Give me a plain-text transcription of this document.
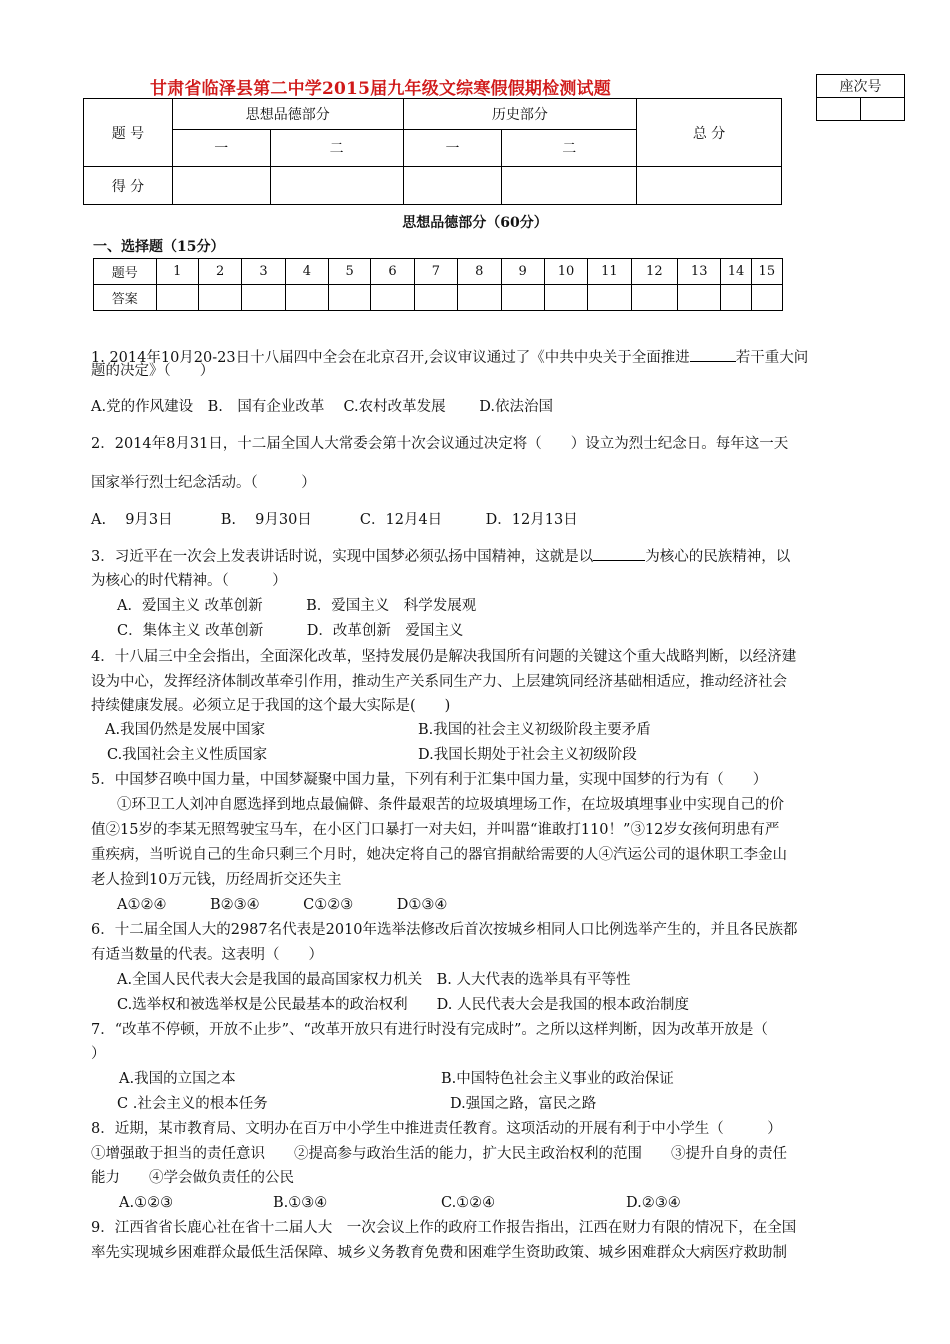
甘肃省临泽县第二中学2015届九年级文综寒假假期检测试题	座次号

题 号	思想品德部分		历史部分		总 分
	一	二	一	二	
得 分					
思想品德部分（60分）
一、选择题（15分）
题号	1	2	3	4	5	6	7	8	9	10	11	12	13	14	15
答案															
1. 2014年10月20-23日十八届四中全会在北京召开,会议审议通过了《中共中央关于全面推进	若干重大问
题的决定》（　　）
A.党的作风建设　B.　国有企业改革　 C.农村改革发展　　 D.依法治国
2．2014年8月31日，十二届全国人大常委会第十次会议通过决定将（　　）设立为烈士纪念日。每年这一天
国家举行烈士纪念活动。（　　　）
A.　 9月3日　　　 B.　 9月30日　　　 C．12月4日　　　D．12月13日
3．习近平在一次会上发表讲话时说，实现中国梦必须弘扬中国精神，这就是以	为核心的民族精神，以
为核心的时代精神。（　　　）
A．爱国主义 改革创新　　　B．爱国主义　科学发展观
C．集体主义 改革创新　　　D．改革创新　爱国主义
4．十八届三中全会指出，全面深化改革，坚持发展仍是解决我国所有问题的关键这个重大战略判断，以经济建
设为中心，发挥经济体制改革牵引作用，推动生产关系同生产力、上层建筑同经济基础相适应，推动经济社会
持续健康发展。必须立足于我国的这个最大实际是(　　)
A.我国仍然是发展中国家	B.我国的社会主义初级阶段主要矛盾
C.我国社会主义性质国家	D.我国长期处于社会主义初级阶段
5．中国梦召唤中国力量，中国梦凝聚中国力量，下列有利于汇集中国力量，实现中国梦的行为有（　　）
①环卫工人刘冲自愿选择到地点最偏僻、条件最艰苦的垃圾填埋场工作，在垃圾填埋事业中实现自己的价
值②15岁的李某无照驾驶宝马车，在小区门口暴打一对夫妇，并叫嚣“谁敢打110！”③12岁女孩何玥患有严
重疾病，当听说自己的生命只剩三个月时，她决定将自己的器官捐献给需要的人④汽运公司的退休职工李金山
老人捡到10万元钱，历经周折交还失主
A①②④　　　B②③④　　　C①②③　　　D①③④
6．十二届全国人大的2987名代表是2010年选举法修改后首次按城乡相同人口比例选举产生的，并且各民族都
有适当数量的代表。这表明（　　）
A.全国人民代表大会是我国的最高国家权力机关　B. 人大代表的选举具有平等性
C.选举权和被选举权是公民最基本的政治权利　　D. 人民代表大会是我国的根本政治制度
7．“改革不停顿，开放不止步”、“改革开放只有进行时没有完成时”。之所以这样判断，因为改革开放是（
）
A.我国的立国之本	B.中国特色社会主义事业的政治保证
C .社会主义的根本任务	D.强国之路，富民之路
8．近期，某市教育局、文明办在百万中小学生中推进责任教育。这项活动的开展有利于中小学生（　　　）
①增强敢于担当的责任意识　　②提高参与政治生活的能力，扩大民主政治权利的范围　　③提升自身的责任
能力　　④学会做负责任的公民
A.①②③	B.①③④	C.①②④	D.②③④
9．江西省省长鹿心社在省十二届人大　一次会议上作的政府工作报告指出，江西在财力有限的情况下，在全国
率先实现城乡困难群众最低生活保障、城乡义务教育免费和困难学生资助政策、城乡困难群众大病医疗救助制
